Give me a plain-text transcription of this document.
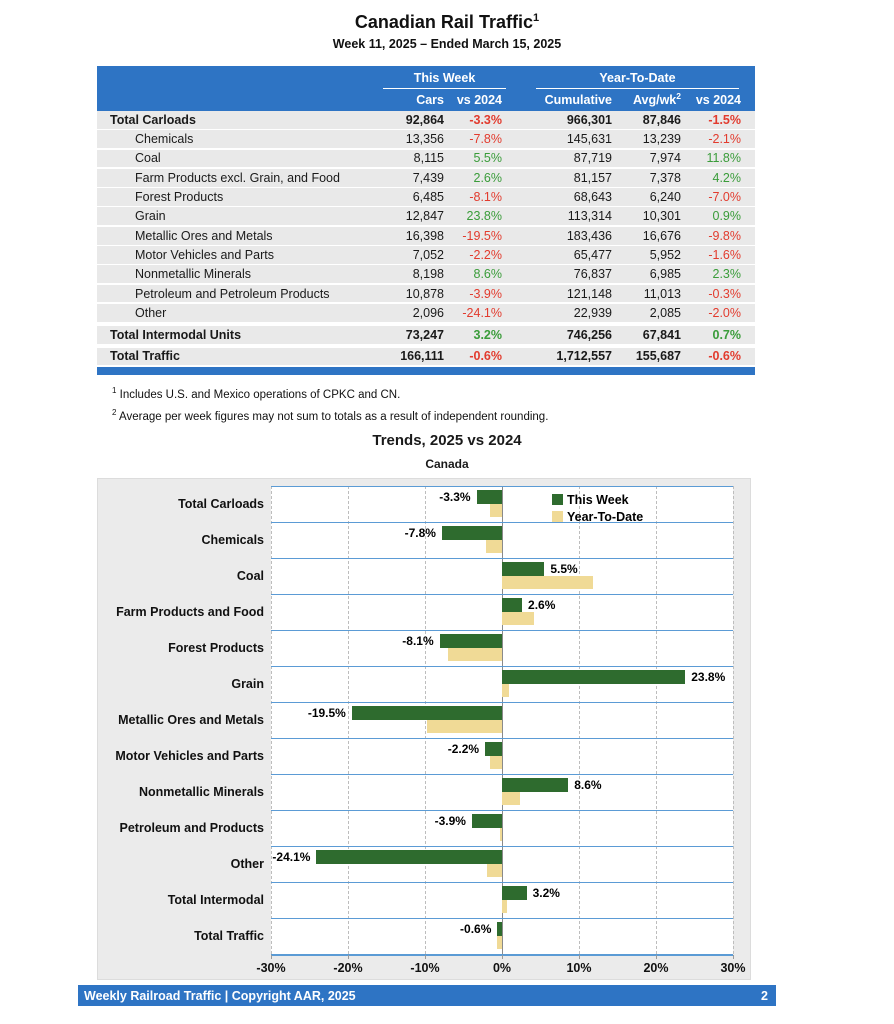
Canadian Rail Traffic$^1$
Week 11, 2025 – Ended March 15, 2025
This Week	Year-To-Date
Cars	vs 2024	Cumulative	Avg/$wk^2$	vs 2024
Total Carloads	92,864	-3.3%	966,301	87,846	-1.5%
Chemicals	13,356	-7.8%	145,631	13,239	-2.1%
Coal	8,115	5.5%	87,719	7,974	11.8%
Farm Products excl. Grain, and Food	7,439	2.6%	81,157	7,378	4.2%
Forest Products	6,485	-8.1%	68,643	6,240	-7.0%
Grain	12,847	23.8%	113,314	10,301	0.9%
Metallic Ores and Metals	16,398	-19.5%	183,436	16,676	-9.8%
Motor Vehicles and Parts	7,052	-2.2%	65,477	5,952	-1.6%
Nonmetallic Minerals	8,198	8.6%	76,837	6,985	2.3%
Petroleum and Petroleum Products	10,878	-3.9%	121,148	11,013	-0.3%
Other	2,096	-24.1%	22,939	2,085	-2.0%
Total Intermodal Units	73,247	3.2%	746,256	67,841	0.7%
Total Traffic	166,111	-0.6%	1,712,557	155,687	-0.6%
$^1$ Includes U.S. and Mexico operations of CPKC and CN.
$^2$ Average per week figures may not sum to totals as a result of independent rounding.
Trends, 2025 vs 2024
Canada
-3.3%
-7.8%
5.5%
2.6%
-8.1%
23.8%
-19.5%
-2.2%
8.6%
-3.9%
-24.1%
3.2%
-0.6%
This Week
Year-To-Date
Total Carloads
Chemicals
Coal
Farm Products and Food
Forest Products
Grain
Metallic Ores and Metals
Motor Vehicles and Parts
Nonmetallic Minerals
Petroleum and Products
Other
Total Intermodal
Total Traffic
-30%	-20%	-10%	0%	10%	20%	30%
Weekly Railroad Traffic | Copyright AAR, 2025	2
